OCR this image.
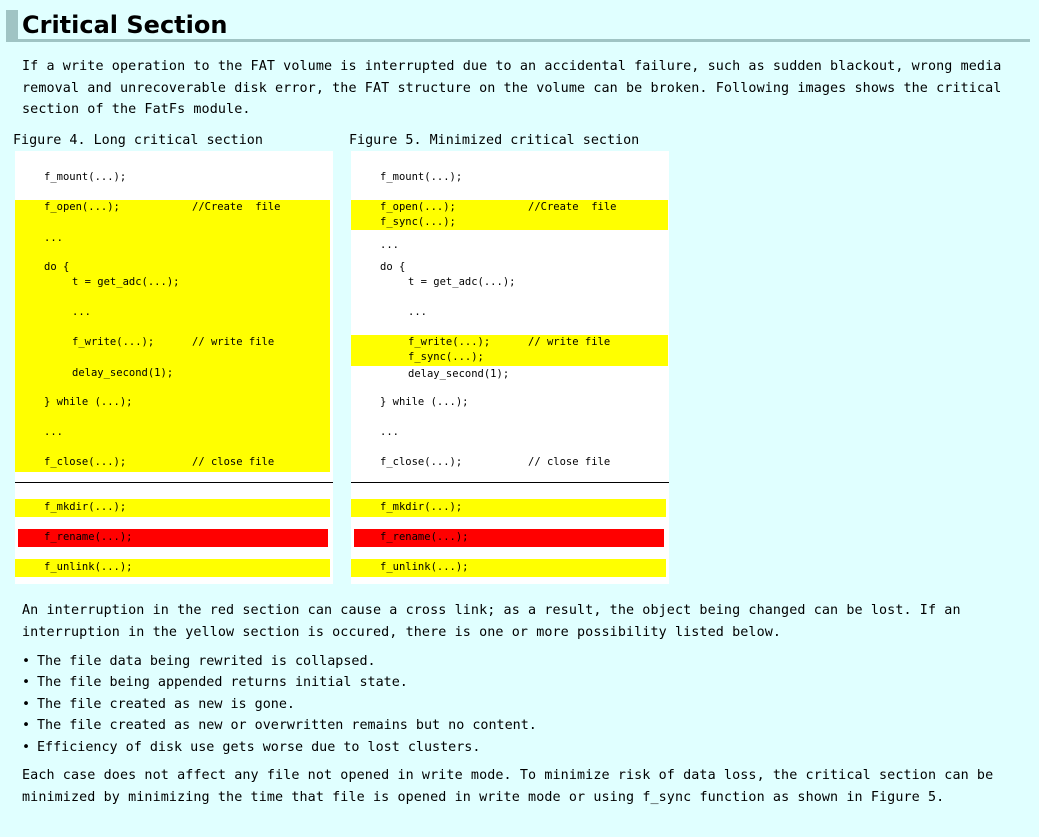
Critical Section
If a write operation to the FAT volume is interrupted due to an accidental failure, such as sudden blackout, wrong media
removal and unrecoverable disk error, the FAT structure on the volume can be broken. Following images shows the critical
section of the FatFs module.
Figure 4. Long critical section
f_mount(...);
f_open(...);	//Create  file
...
do {
t = get_adc(...);
...
f_write(...);	// write file
delay_second(1);
} while (...);
...
f_close(...);	// close file
f_mkdir(...);
f_rename(...);
f_unlink(...);
Figure 5. Minimized critical section
f_mount(...);
f_open(...);	//Create  file
f_sync(...);
...
do {
t = get_adc(...);
...
f_write(...);	// write file
f_sync(...);
delay_second(1);
} while (...);
...
f_close(...);	// close file
f_mkdir(...);
f_rename(...);
f_unlink(...);
An interruption in the red section can cause a cross link; as a result, the object being changed can be lost. If an
interruption in the yellow section is occured, there is one or more possibility listed below.
• The file data being rewrited is collapsed.
• The file being appended returns initial state.
• The file created as new is gone.
• The file created as new or overwritten remains but no content.
• Efficiency of disk use gets worse due to lost clusters.
Each case does not affect any file not opened in write mode. To minimize risk of data loss, the critical section can be
minimized by minimizing the time that file is opened in write mode or using f_sync function as shown in Figure 5.
